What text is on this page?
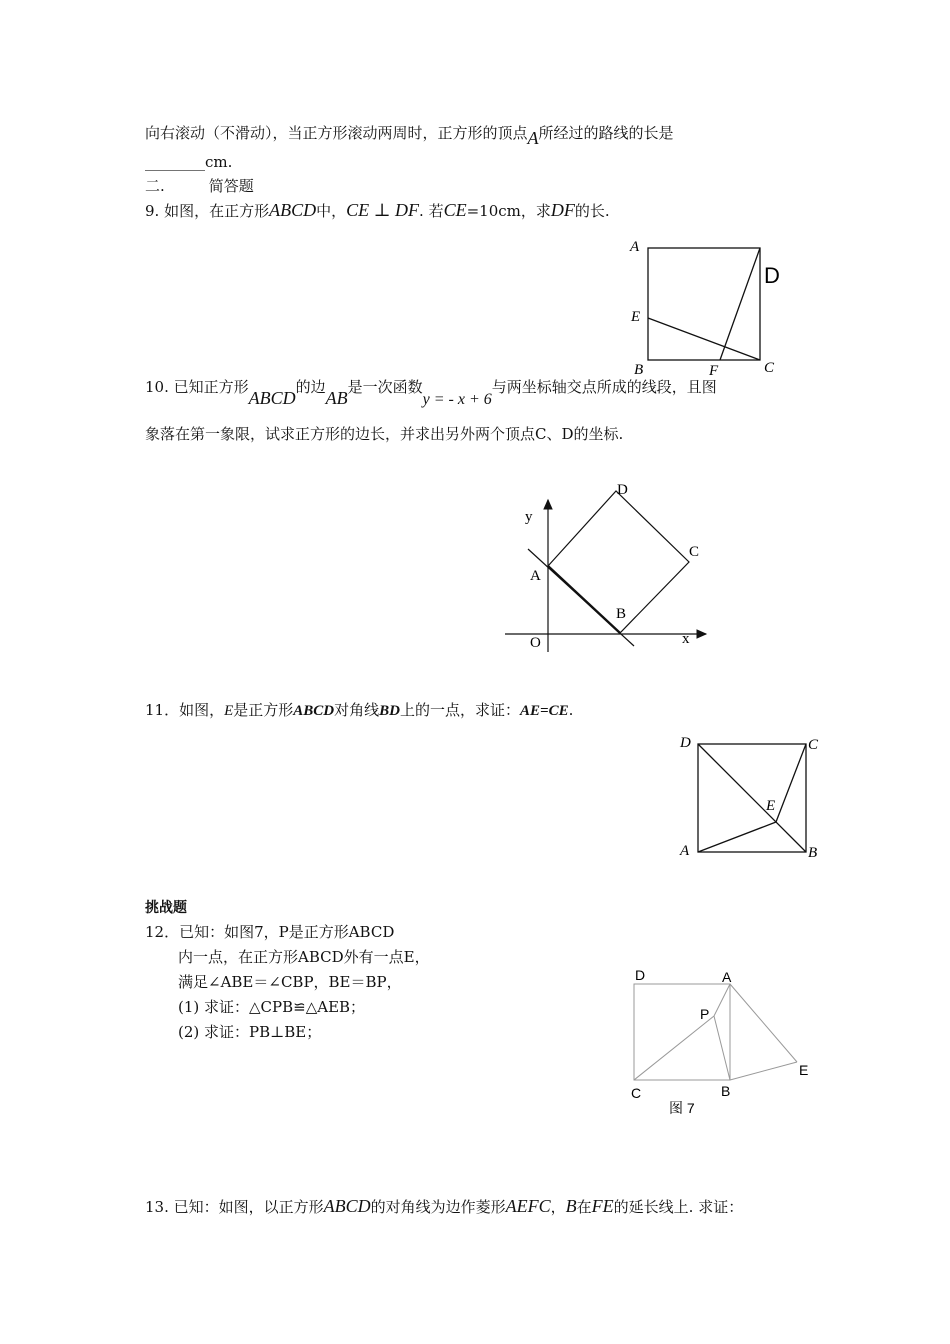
向右滚动（不滑动），当正方形滚动两周时，正方形的顶点A所经过的路线的长是
________cm.
二.	简答题
9. 如图，在正方形ABCD中，CE ⊥ DF. 若CE=10cm，求DF的长.
A
D
E
B	F	C
10. 已知正方形ABCD的边AB是一次函数y = - x + 6与两坐标轴交点所成的线段，且图
象落在第一象限，试求正方形的边长，并求出另外两个顶点C、D的坐标.
y
x
O
A
B
C
D
11．如图，E是正方形ABCD对角线BD上的一点，求证：AE=CE.
D	C
E
A	B
挑战题
12．已知：如图7，P是正方形ABCD
内一点，在正方形ABCD外有一点E，
满足∠ABE＝∠CBP，BE＝BP，
(1) 求证：△CPB≌△AEB；
(2) 求证：PB⊥BE；
D	A
P
E
C	B
图 7
13. 已知：如图，以正方形ABCD的对角线为边作菱形AEFC，B在FE的延长线上. 求证：
